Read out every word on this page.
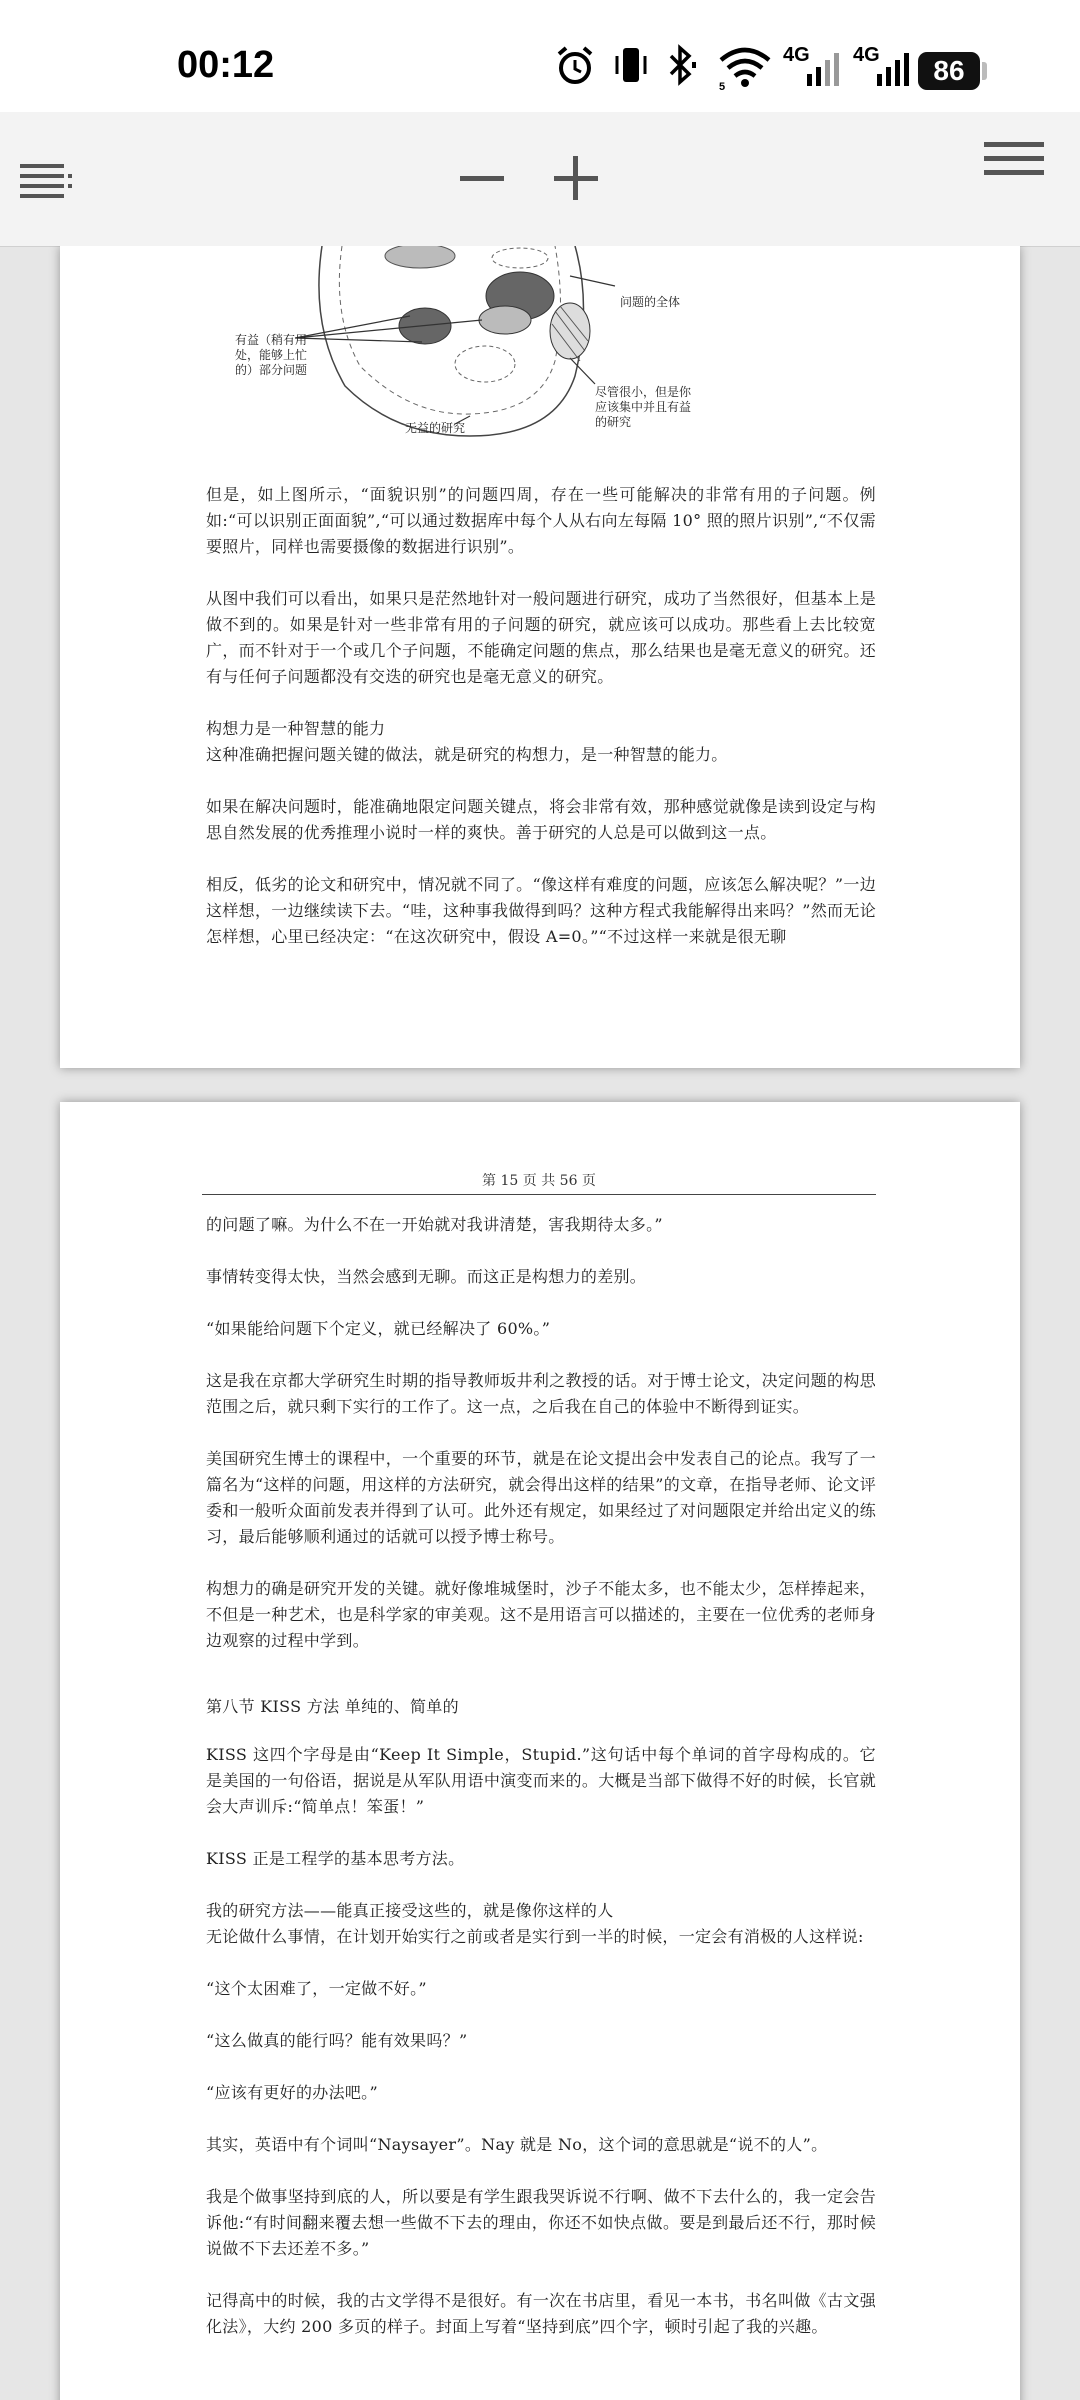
00:12
5
4G 4G	86
问题的全体
有益（稍有用
处，能够上忙
的）部分问题
尽管很小，但是你
应该集中并且有益
的研究
无益的研究

但是，如上图所示，“面貌识别”的问题四周，存在一些可能解决的非常有用的子问题。例如:“可以识别正面面貌”,“可以通过数据库中每个人从右向左每隔 10° 照的照片识别”,“不仅需要照片，同样也需要摄像的数据进行识别”。

从图中我们可以看出，如果只是茫然地针对一般问题进行研究，成功了当然很好，但基本上是做不到的。如果是针对一些非常有用的子问题的研究，就应该可以成功。那些看上去比较宽广，而不针对于一个或几个子问题，不能确定问题的焦点，那么结果也是毫无意义的研究。还有与任何子问题都没有交迭的研究也是毫无意义的研究。

构想力是一种智慧的能力

这种准确把握问题关键的做法，就是研究的构想力，是一种智慧的能力。

如果在解决问题时，能准确地限定问题关键点，将会非常有效，那种感觉就像是读到设定与构思自然发展的优秀推理小说时一样的爽快。善于研究的人总是可以做到这一点。

相反，低劣的论文和研究中，情况就不同了。“像这样有难度的问题，应该怎么解决呢？”一边这样想，一边继续读下去。“哇，这种事我做得到吗？这种方程式我能解得出来吗？”然而无论怎样想，心里已经决定：“在这次研究中，假设 A=0。”“不过这样一来就是很无聊

第 15 页 共 56 页

的问题了嘛。为什么不在一开始就对我讲清楚，害我期待太多。”

事情转变得太快，当然会感到无聊。而这正是构想力的差别。

“如果能给问题下个定义，就已经解决了 60%。”

这是我在京都大学研究生时期的指导教师坂井利之教授的话。对于博士论文，决定问题的构思范围之后，就只剩下实行的工作了。这一点，之后我在自己的体验中不断得到证实。

美国研究生博士的课程中，一个重要的环节，就是在论文提出会中发表自己的论点。我写了一篇名为“这样的问题，用这样的方法研究，就会得出这样的结果”的文章，在指导老师、论文评委和一般听众面前发表并得到了认可。此外还有规定，如果经过了对问题限定并给出定义的练习，最后能够顺利通过的话就可以授予博士称号。

构想力的确是研究开发的关键。就好像堆城堡时，沙子不能太多，也不能太少，怎样捧起来，不但是一种艺术，也是科学家的审美观。这不是用语言可以描述的，主要在一位优秀的老师身边观察的过程中学到。

第八节 KISS 方法 单纯的、简单的

KISS 这四个字母是由“Keep It Simple，Stupid.”这句话中每个单词的首字母构成的。它是美国的一句俗语，据说是从军队用语中演变而来的。大概是当部下做得不好的时候，长官就会大声训斥:“简单点！笨蛋！”

KISS 正是工程学的基本思考方法。

我的研究方法——能真正接受这些的，就是像你这样的人

无论做什么事情，在计划开始实行之前或者是实行到一半的时候，一定会有消极的人这样说:

“这个太困难了，一定做不好。”

“这么做真的能行吗？能有效果吗？”

“应该有更好的办法吧。”

其实，英语中有个词叫“Naysayer”。Nay 就是 No，这个词的意思就是“说不的人”。

我是个做事坚持到底的人，所以要是有学生跟我哭诉说不行啊、做不下去什么的，我一定会告诉他:“有时间翻来覆去想一些做不下去的理由，你还不如快点做。要是到最后还不行，那时候说做不下去还差不多。”

记得高中的时候，我的古文学得不是很好。有一次在书店里，看见一本书，书名叫做《古文强化法》，大约 200 多页的样子。封面上写着“坚持到底”四个字，顿时引起了我的兴趣。
